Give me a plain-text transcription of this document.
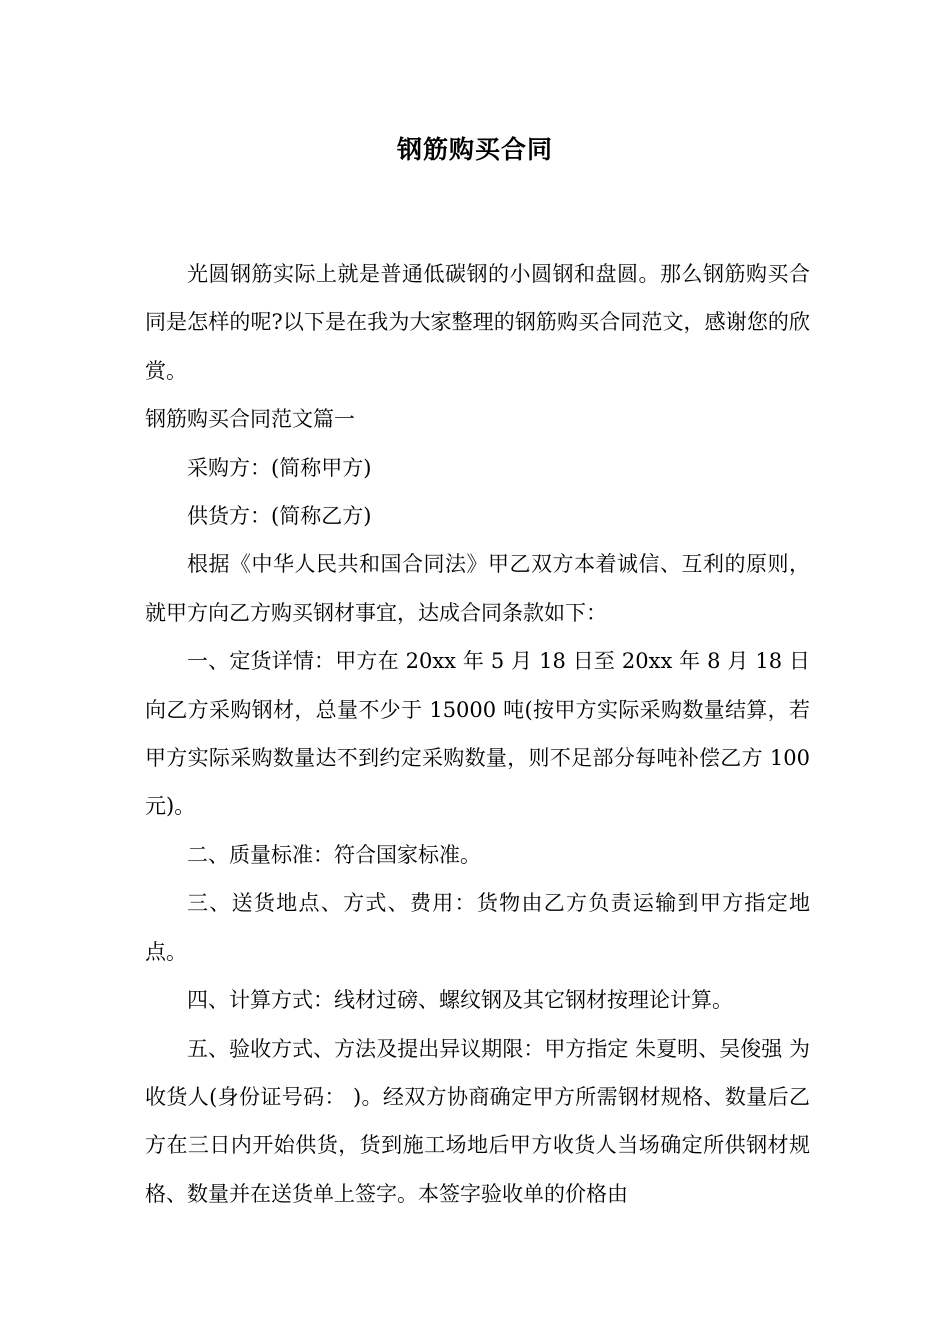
钢筋购买合同

光圆钢筋实际上就是普通低碳钢的小圆钢和盘圆。那么钢筋购买合同是怎样的呢?以下是在我为大家整理的钢筋购买合同范文，感谢您的欣赏。

钢筋购买合同范文篇一

采购方：(简称甲方)

供货方：(简称乙方)

根据《中华人民共和国合同法》甲乙双方本着诚信、互利的原则，就甲方向乙方购买钢材事宜，达成合同条款如下：

一、定货详情：甲方在 20xx 年 5 月 18 日至 20xx 年 8 月 18 日向乙方采购钢材，总量不少于 15000 吨(按甲方实际采购数量结算，若甲方实际采购数量达不到约定采购数量，则不足部分每吨补偿乙方 100 元)。

二、质量标准：符合国家标准。

三、送货地点、方式、费用：货物由乙方负责运输到甲方指定地点。

四、计算方式：线材过磅、螺纹钢及其它钢材按理论计算。

五、验收方式、方法及提出异议期限：甲方指定 朱夏明、吴俊强 为收货人(身份证号码： )。经双方协商确定甲方所需钢材规格、数量后乙方在三日内开始供货，货到施工场地后甲方收货人当场确定所供钢材规格、数量并在送货单上签字。本签字验收单的价格由
